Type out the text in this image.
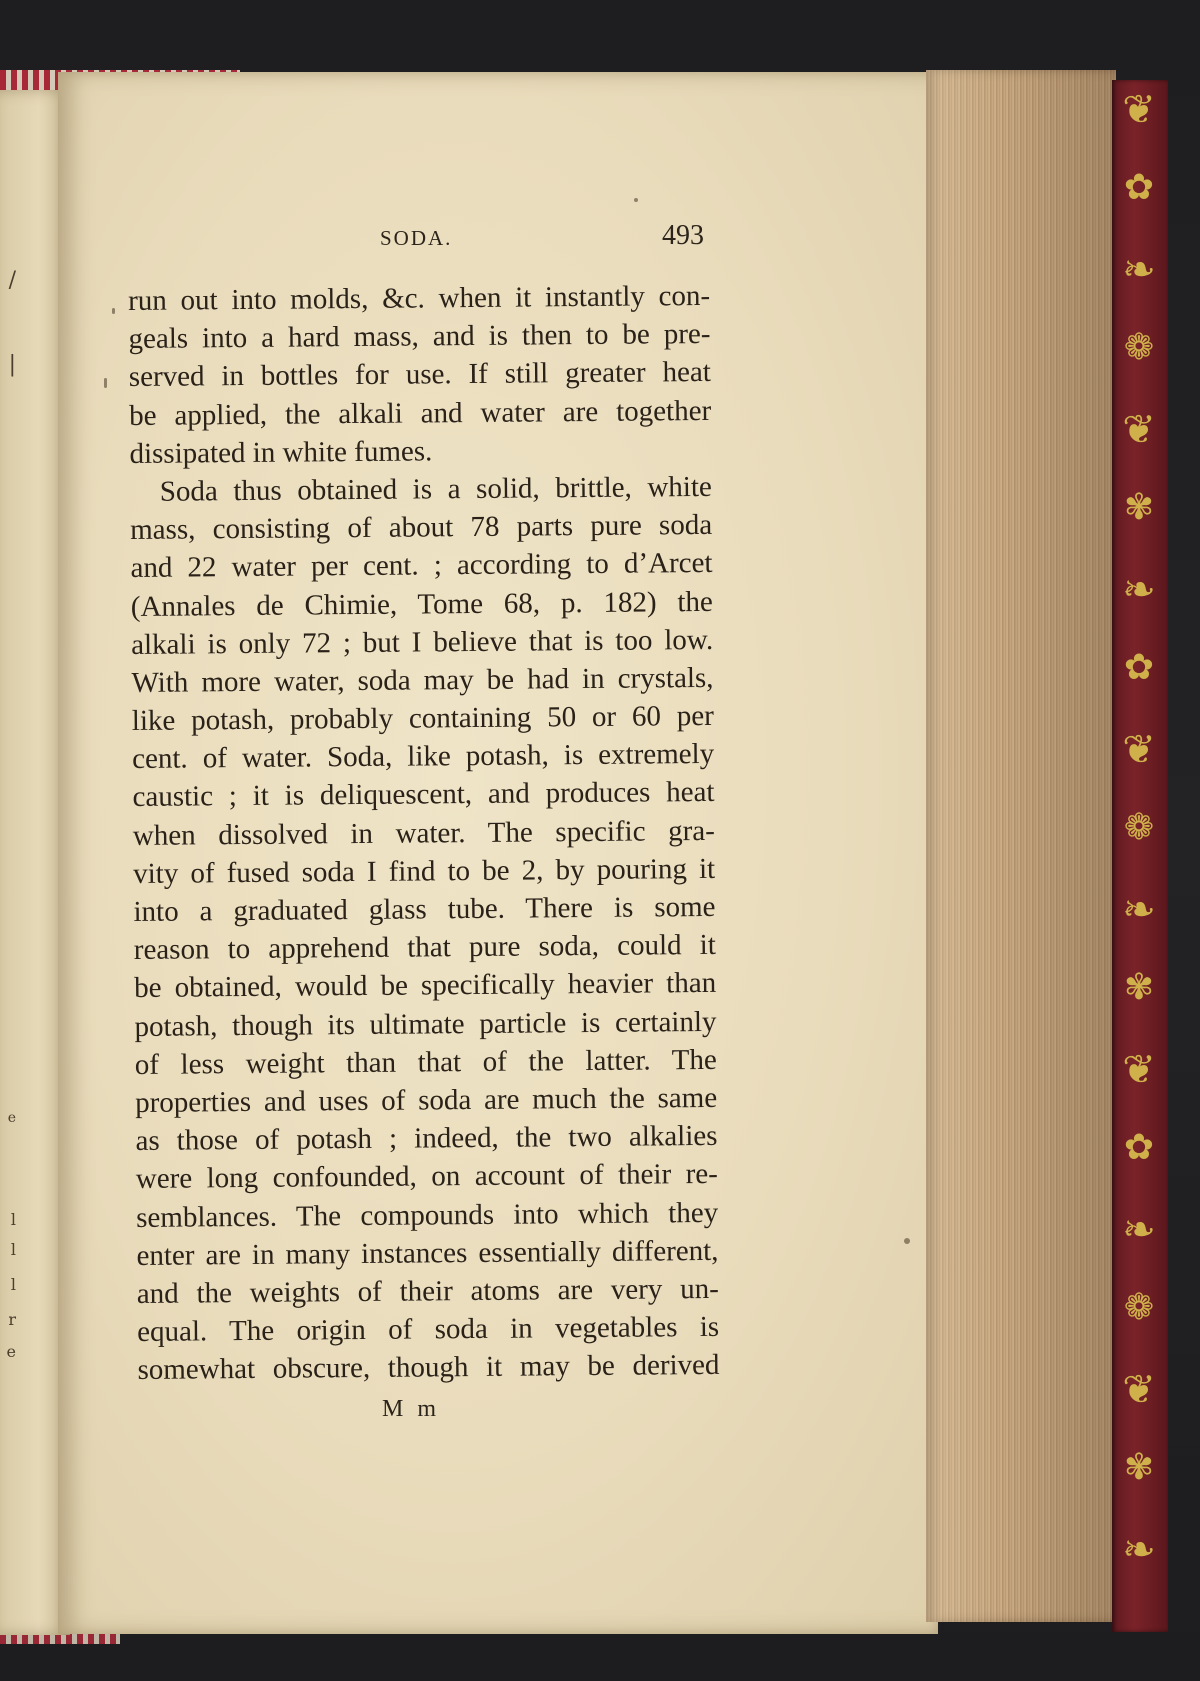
/
|
e
l
l
l
r
e
❦
✿
❧
❁
❦
✾
❧
✿
❦
❁
❧
✾
❦
✿
❧
❁
❦
✾
❧
SODA.	493
run out into molds, &c. when it instantly con-
geals into a hard mass, and is then to be pre-
served in bottles for use. If still greater heat
be applied, the alkali and water are together
dissipated in white fumes.
Soda thus obtained is a solid, brittle, white
mass, consisting of about 78 parts pure soda
and 22 water per cent. ; according to d’Arcet
(Annales de Chimie, Tome 68, p. 182) the
alkali is only 72 ; but I believe that is too low.
With more water, soda may be had in crystals,
like potash, probably containing 50 or 60 per
cent. of water. Soda, like potash, is extremely
caustic ; it is deliquescent, and produces heat
when dissolved in water. The specific gra-
vity of fused soda I find to be 2, by pouring it
into a graduated glass tube. There is some
reason to apprehend that pure soda, could it
be obtained, would be specifically heavier than
potash, though its ultimate particle is certainly
of less weight than that of the latter. The
properties and uses of soda are much the same
as those of potash ; indeed, the two alkalies
were long confounded, on account of their re-
semblances. The compounds into which they
enter are in many instances essentially different,
and the weights of their atoms are very un-
equal. The origin of soda in vegetables is
somewhat obscure, though it may be derived
M m
